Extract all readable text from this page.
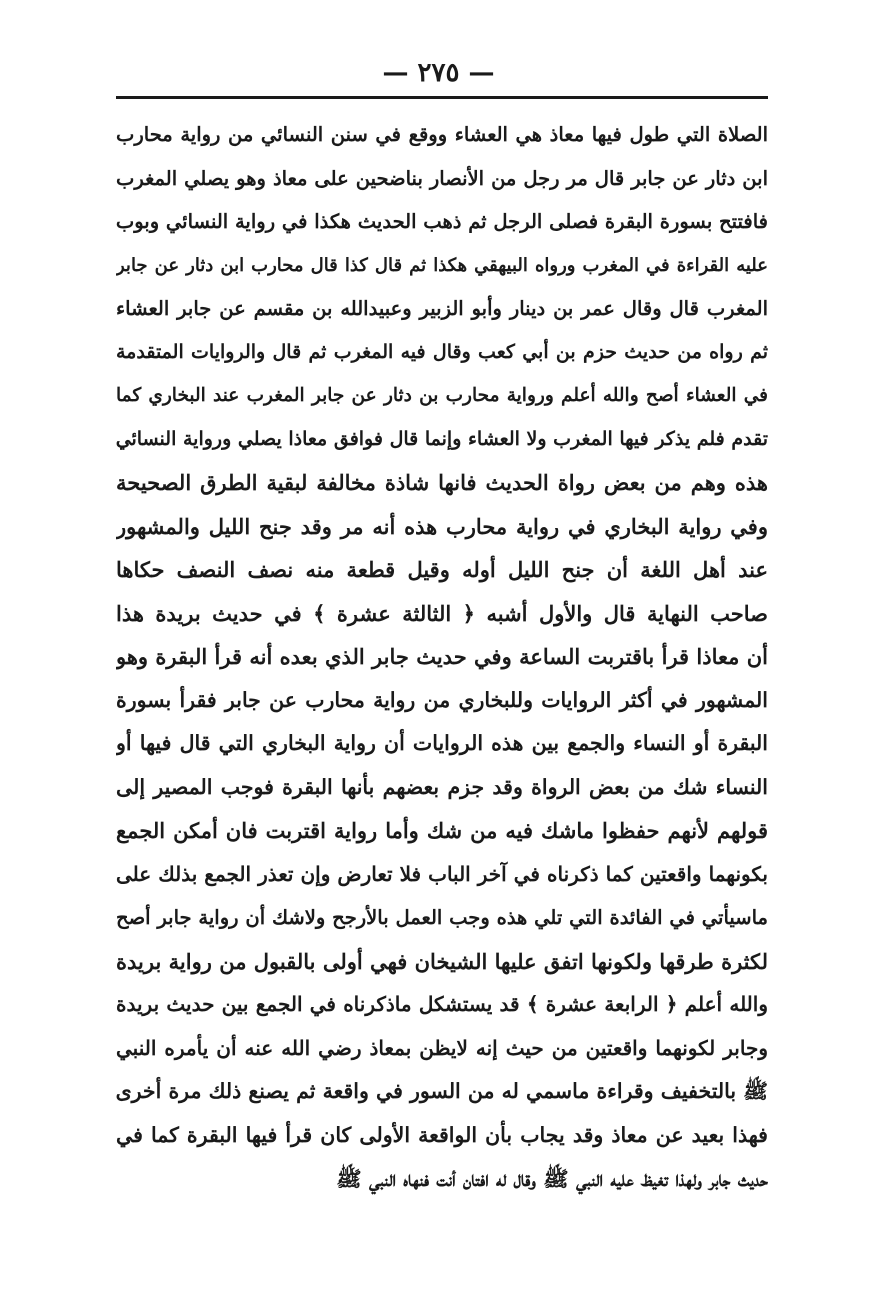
— ٢٧٥ —
الصلاة التي طول فيها معاذ هي العشاء ووقع في سنن النسائي من رواية محارب
ابن دثار عن جابر قال مر رجل من الأنصار بناضحين على معاذ وهو يصلي المغرب
فافتتح بسورة البقرة فصلى الرجل ثم ذهب الحديث هكذا في رواية النسائي وبوب
عليه القراءة في المغرب ورواه البيهقي هكذا ثم قال كذا قال محارب ابن دثار عن جابر
المغرب قال وقال عمر بن دينار وأبو الزبير وعبيدالله بن مقسم عن جابر العشاء
ثم رواه من حديث حزم بن أبي كعب وقال فيه المغرب ثم قال والروايات المتقدمة
في العشاء أصح والله أعلم ورواية محارب بن دثار عن جابر المغرب عند البخاري كما
تقدم فلم يذكر فيها المغرب ولا العشاء وإنما قال فوافق معاذا يصلي ورواية النسائي
هذه وهم من بعض رواة الحديث فانها شاذة مخالفة لبقية الطرق الصحيحة
وفي رواية البخاري في رواية محارب هذه أنه مر وقد جنح الليل والمشهور
عند أهل اللغة أن جنح الليل أوله وقيل قطعة منه نصف النصف حكاها
صاحب النهاية قال والأول أشبه ﴿ الثالثة عشرة ﴾ في حديث بريدة هذا
أن معاذا قرأ باقتربت الساعة وفي حديث جابر الذي بعده أنه قرأ البقرة وهو
المشهور في أكثر الروايات وللبخاري من رواية محارب عن جابر فقرأ بسورة
البقرة أو النساء والجمع بين هذه الروايات أن رواية البخاري التي قال فيها أو
النساء شك من بعض الرواة وقد جزم بعضهم بأنها البقرة فوجب المصير إلى
قولهم لأنهم حفظوا ماشك فيه من شك وأما رواية اقتربت فان أمكن الجمع
بكونهما واقعتين كما ذكرناه في آخر الباب فلا تعارض وإن تعذر الجمع بذلك على
ماسيأتي في الفائدة التي تلي هذه وجب العمل بالأرجح ولاشك أن رواية جابر أصح
لكثرة طرقها ولكونها اتفق عليها الشيخان فهي أولى بالقبول من رواية بريدة
والله أعلم ﴿ الرابعة عشرة ﴾ قد يستشكل ماذكرناه في الجمع بين حديث بريدة
وجابر لكونهما واقعتين من حيث إنه لايظن بمعاذ رضي الله عنه أن يأمره النبي
ﷺ بالتخفيف وقراءة ماسمي له من السور في واقعة ثم يصنع ذلك مرة أخرى
فهذا بعيد عن معاذ وقد يجاب بأن الواقعة الأولى كان قرأ فيها البقرة كما في
حديث جابر ولهذا تغيظ عليه النبي ﷺ وقال له افتان أنت فنهاه النبي ﷺ
